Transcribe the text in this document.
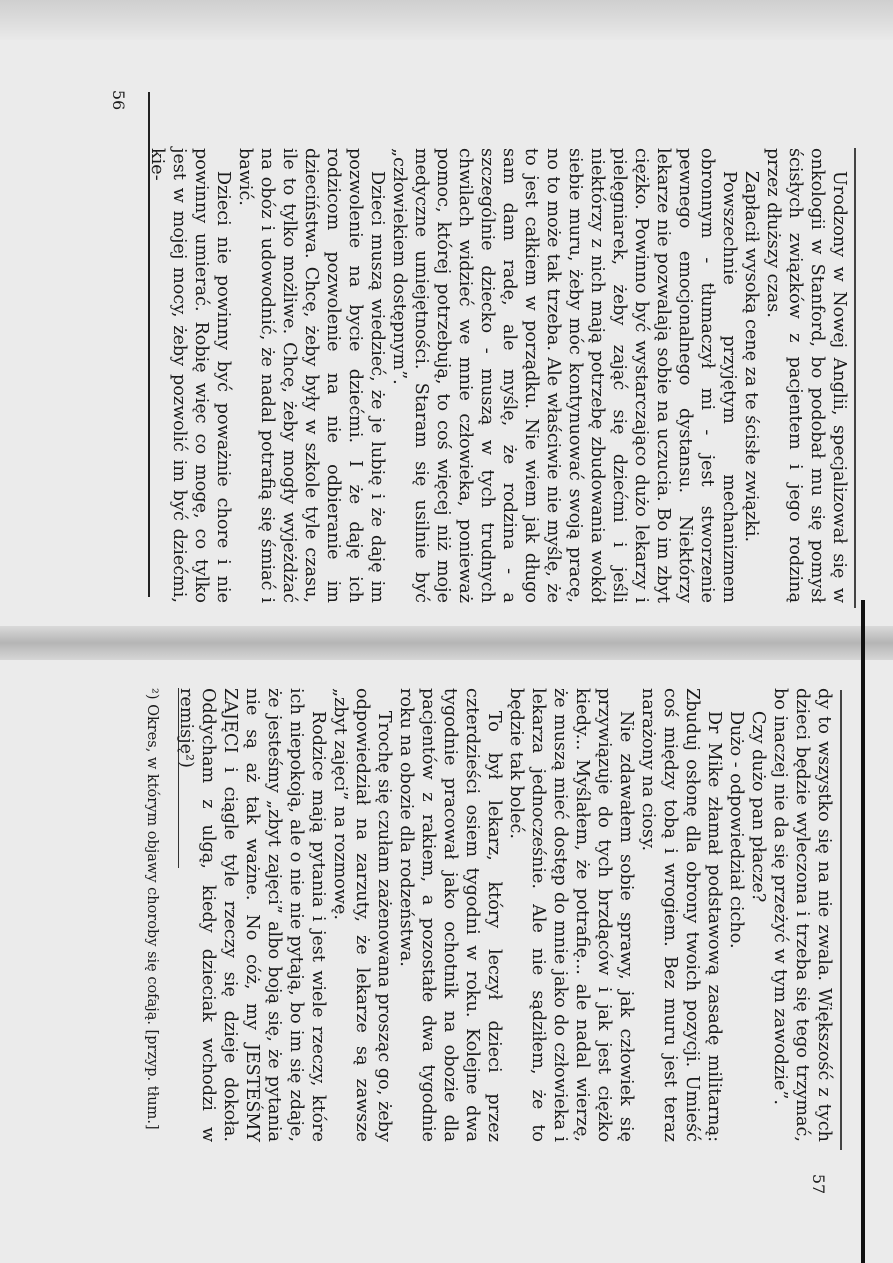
56
57

Urodzony w Nowej Anglii, specjalizował się w onkologii w Stanford, bo podobał mu się pomysł ścisłych związków z pacjentem i jego rodziną przez dłuższy czas.

Zapłacił wysoką cenę za te ścisłe związki.

Powszechnie przyjętym mechanizmem obronnym - tłumaczył mi - jest stworzenie pewnego emocjonalnego dystansu. Niektórzy lekarze nie pozwalają sobie na uczucia. Bo im zbyt ciężko. Powinno być wystarczająco dużo lekarzy i pielęgniarek, żeby zająć się dziećmi i jeśli niektórzy z nich mają potrzebę zbudowania wokół siebie muru, żeby móc kontynuować swoją pracę, no to może tak trzeba. Ale właściwie nie myślę, że to jest całkiem w porządku. Nie wiem jak długo sam dam radę, ale myślę, że rodzina - a szczególnie dziecko - muszą w tych trudnych chwilach widzieć we mnie człowieka, ponieważ pomoc, której potrzebują, to coś więcej niż moje medyczne umiejętności. Staram się usilnie być „człowiekiem dostępnym”.

Dzieci muszą wiedzieć, że je lubię i że daję im pozwolenie na bycie dziećmi. I że daję ich rodzicom pozwolenie na nie odbieranie im dzieciństwa. Chcę, żeby były w szkole tyle czasu, ile to tylko możliwe. Chcę, żeby mogły wyjeżdżać na obóz i udowodnić, że nadal potrafią się śmiać i bawić.

Dzieci nie powinny być poważnie chore i nie powinny umierać. Robię więc co mogę, co tylko jest w mojej mocy, żeby pozwolić im być dziećmi, kie-

dy to wszystko się na nie zwala. Większość z tych dzieci będzie wyleczona i trzeba się tego trzymać, bo inaczej nie da się przeżyć w tym zawodzie”.

Czy dużo pan płacze?

Dużo - odpowiedział cicho.

Dr Mike złamał podstawową zasadę militarną: Zbuduj osłonę dla obrony twoich pozycji. Umieść coś między tobą i wrogiem. Bez muru jest teraz narażony na ciosy.

Nie zdawałem sobie sprawy, jak człowiek się przywiązuje do tych brzdąców i jak jest ciężko kiedy... Myślałem, że potrafię... ale nadal wierzę, że muszą mieć dostęp do mnie jako do człowieka i lekarza jednocześnie. Ale nie sądziłem, że to będzie tak boleć.

To był lekarz, który leczył dzieci przez czterdzieści osiem tygodni w roku. Kolejne dwa tygodnie pracował jako ochotnik na obozie dla pacjentów z rakiem, a pozostałe dwa tygodnie roku na obozie dla rodzeństwa.

Trochę się czułam zażenowana prosząc go, żeby odpowiedział na zarzuty, że lekarze są zawsze „zbyt zajęci” na rozmowę.

Rodzice mają pytania i jest wiele rzeczy, które ich niepokoją, ale o nie nie pytają, bo im się zdaje, że jesteśmy „zbyt zajęci” albo boją się, że pytania nie są aż tak ważne. No cóż, my JESTEŚMY ZAJĘCI i ciągle tyle rzeczy się dzieje dokoła. Oddycham z ulgą, kiedy dzieciak wchodzi w remisję²)

²) Okres, w którym objawy choroby się cofają. [przyp. tłum.]
